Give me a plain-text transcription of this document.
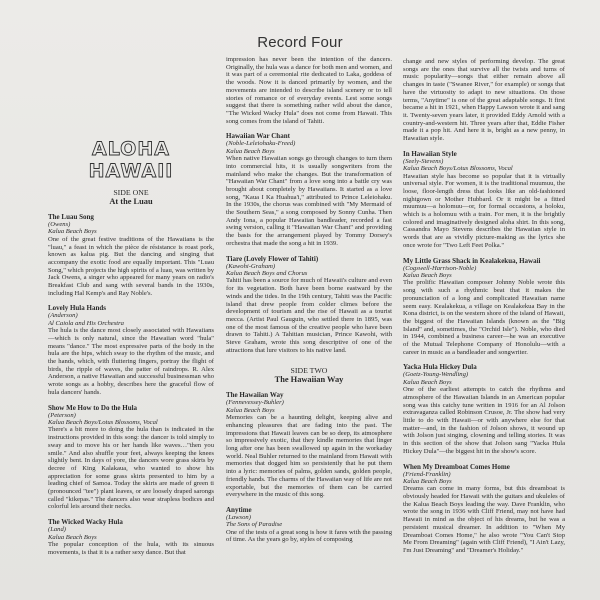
Record Four
ALOHA
HAWAII
SIDE ONE
At the Luau
The Luau Song
(Owens)
Kalua Beach Boys

One of the great festive traditions of the Hawaiians is the "luau," a feast in which the pièce de résistance is roast pork, known as kalua pig. But the dancing and singing that accompany the exotic food are equally important. This "Luau Song," which projects the high spirits of a luau, was written by Jack Owens, a singer who appeared for many years on radio's Breakfast Club and sang with several bands in the 1930s, including Hal Kemp's and Ray Noble's.

Lovely Hula Hands
(Anderson)
Al Caiola and His Orchestra

The hula is the dance most closely associated with Hawaiians—which is only natural, since the Hawaiian word "hula" means "dance." The most expressive parts of the body in the hula are the hips, which sway to the rhythm of the music, and the hands, which, with fluttering fingers, portray the flight of birds, the ripple of waves, the patter of raindrops. R. Alex Anderson, a native Hawaiian and successful businessman who wrote songs as a hobby, describes here the graceful flow of hula dancers' hands.

Show Me How to Do the Hula
(Peterson)
Kalua Beach Boys/Lotus Blossoms, Vocal

There's a bit more to doing the hula than is indicated in the instructions provided in this song: the dancer is told simply to sway and to move his or her hands like waves…"then you smile." And also shuffle your feet, always keeping the knees slightly bent. In days of yore, the dancers wore grass skirts by decree of King Kalakaua, who wanted to show his appreciation for some grass skirts presented to him by a leading chief of Samoa. Today the skirts are made of green ti (pronounced "tee") plant leaves, or are loosely draped sarongs called "kikepas." The dancers also wear strapless bodices and colorful leis around their necks.

The Wicked Wacky Hula
(Land)
Kalua Beach Boys

The popular conception of the hula, with its sinuous movements, is that it is a rather sexy dance. But that

impression has never been the intention of the dancers. Originally, the hula was a dance for both men and women, and it was part of a ceremonial rite dedicated to Laka, goddess of the woods. Now it is danced primarily by women, and the movements are intended to describe island scenery or to tell stories of romance or of everyday events. Lest some songs suggest that there is something rather wild about the dance, "The Wicked Wacky Hula" does not come from Hawaii. This song comes from the island of Tahiti.

Hawaiian War Chant
(Noble-Leleiohaku-Freed)
Kalua Beach Boys

When native Hawaiian songs go through changes to turn them into commercial hits, it is usually songwriters from the mainland who make the changes. But the transformation of "Hawaiian War Chant" from a love song into a battle cry was brought about completely by Hawaiians. It started as a love song, "Kaua I Ka Huahua'i," attributed to Prince Leleiohaku. In the 1930s, the chorus was combined with "My Mermaid of the Southern Seas," a song composed by Sonny Cunha. Then Andy Iona, a popular Hawaiian bandleader, recorded a fast swing version, calling it "Hawaiian War Chant" and providing the basis for the arrangement played by Tommy Dorsey's orchestra that made the song a hit in 1939.

Tiare (Lovely Flower of Tahiti)
(Kawohi-Graham)
Kalua Beach Boys and Chorus

Tahiti has been a source for much of Hawaii's culture and even for its vegetation. Both have been borne eastward by the winds and the tides. In the 19th century, Tahiti was the Pacific island that drew people from colder climes before the development of tourism and the rise of Hawaii as a tourist mecca. (Artist Paul Gauguin, who settled there in 1895, was one of the most famous of the creative people who have been drawn to Tahiti.) A Tahitian musician, Prince Kawohi, with Steve Graham, wrote this song descriptive of one of the attractions that lure visitors to his native land.

SIDE TWO
The Hawaiian Way
The Hawaiian Way
(Fennevessey-Buhler)
Kalua Beach Boys

Memories can be a haunting delight, keeping alive and enhancing pleasures that are fading into the past. The impressions that Hawaii leaves can be so deep, its atmosphere so impressively exotic, that they kindle memories that linger long after one has been swallowed up again in the workaday world. Neal Buhler returned to the mainland from Hawaii with memories that dogged him so persistently that he put them into a lyric: memories of palms, golden sands, golden people, friendly hands. The charms of the Hawaiian way of life are not exportable, but the memories of them can be carried everywhere in the music of this song.

Anytime
(Lawson)
The Sons of Paradise

One of the tests of a great song is how it fares with the passing of time. As the years go by, styles of composing

change and new styles of performing develop. The great songs are the ones that survive all the twists and turns of music popularity—songs that either remain above all changes in taste ("Swanee River," for example) or songs that have the virtuosity to adapt to new situations. On those terms, "Anytime" is one of the great adaptable songs. It first became a hit in 1921, when Happy Lawson wrote it and sang it. Twenty-seven years later, it provided Eddy Arnold with a country-and-western hit. Three years after that, Eddie Fisher made it a pop hit. And here it is, bright as a new penny, in Hawaiian style.

In Hawaiian Style
(Seely-Stevens)
Kalua Beach Boys/Lotus Blossoms, Vocal

Hawaiian style has become so popular that it is virtually universal style. For women, it is the traditional muumuu, the loose, floor-length dress that looks like an old-fashioned nightgown or Mother Hubbard. Or it might be a fitted muumuu—a holomuu—or, for formal occasions, a holoku, which is a holomuu with a train. For men, it is the brightly colored and imaginatively designed aloha shirt. In this song, Cassandra Mayo Stevens describes the Hawaiian style in words that are as vividly picture-making as the lyrics she once wrote for "Two Left Feet Polka."

My Little Grass Shack in Kealakekua, Hawaii
(Cogswell-Harrison-Noble)
Kalua Beach Boys

The prolific Hawaiian composer Johnny Noble wrote this song with such a rhythmic beat that it makes the pronunciation of a long and complicated Hawaiian name seem easy. Kealakekua, a village on Kealakekua Bay in the Kona district, is on the western shore of the island of Hawaii, the biggest of the Hawaiian Islands (known as the "Big Island" and, sometimes, the "Orchid Isle"). Noble, who died in 1944, combined a business career—he was an executive of the Mutual Telephone Company of Honolulu—with a career in music as a bandleader and songwriter.

Yacka Hula Hickey Dula
(Goetz-Young-Wendling)
Kalua Beach Boys

One of the earliest attempts to catch the rhythms and atmosphere of the Hawaiian Islands in an American popular song was this catchy tune written in 1916 for an Al Jolson extravaganza called Robinson Crusoe, Jr. The show had very little to do with Hawaii—or with anywhere else for that matter—and, in the fashion of Jolson shows, it wound up with Jolson just singing, clowning and telling stories. It was in this section of the show that Jolson sang "Yacka Hula Hickey Dula"—the biggest hit in the show's score.

When My Dreamboat Comes Home
(Friend-Franklin)
Kalua Beach Boys

Dreams can come in many forms, but this dreamboat is obviously headed for Hawaii with the guitars and ukuleles of the Kalua Beach Boys leading the way. Dave Franklin, who wrote the song in 1936 with Cliff Friend, may not have had Hawaii in mind as the object of his dreams, but he was a persistent musical dreamer. In addition to "When My Dreamboat Comes Home," he also wrote "You Can't Stop Me From Dreaming" (again with Cliff Friend), "I Ain't Lazy, I'm Just Dreaming" and "Dreamer's Holiday."
